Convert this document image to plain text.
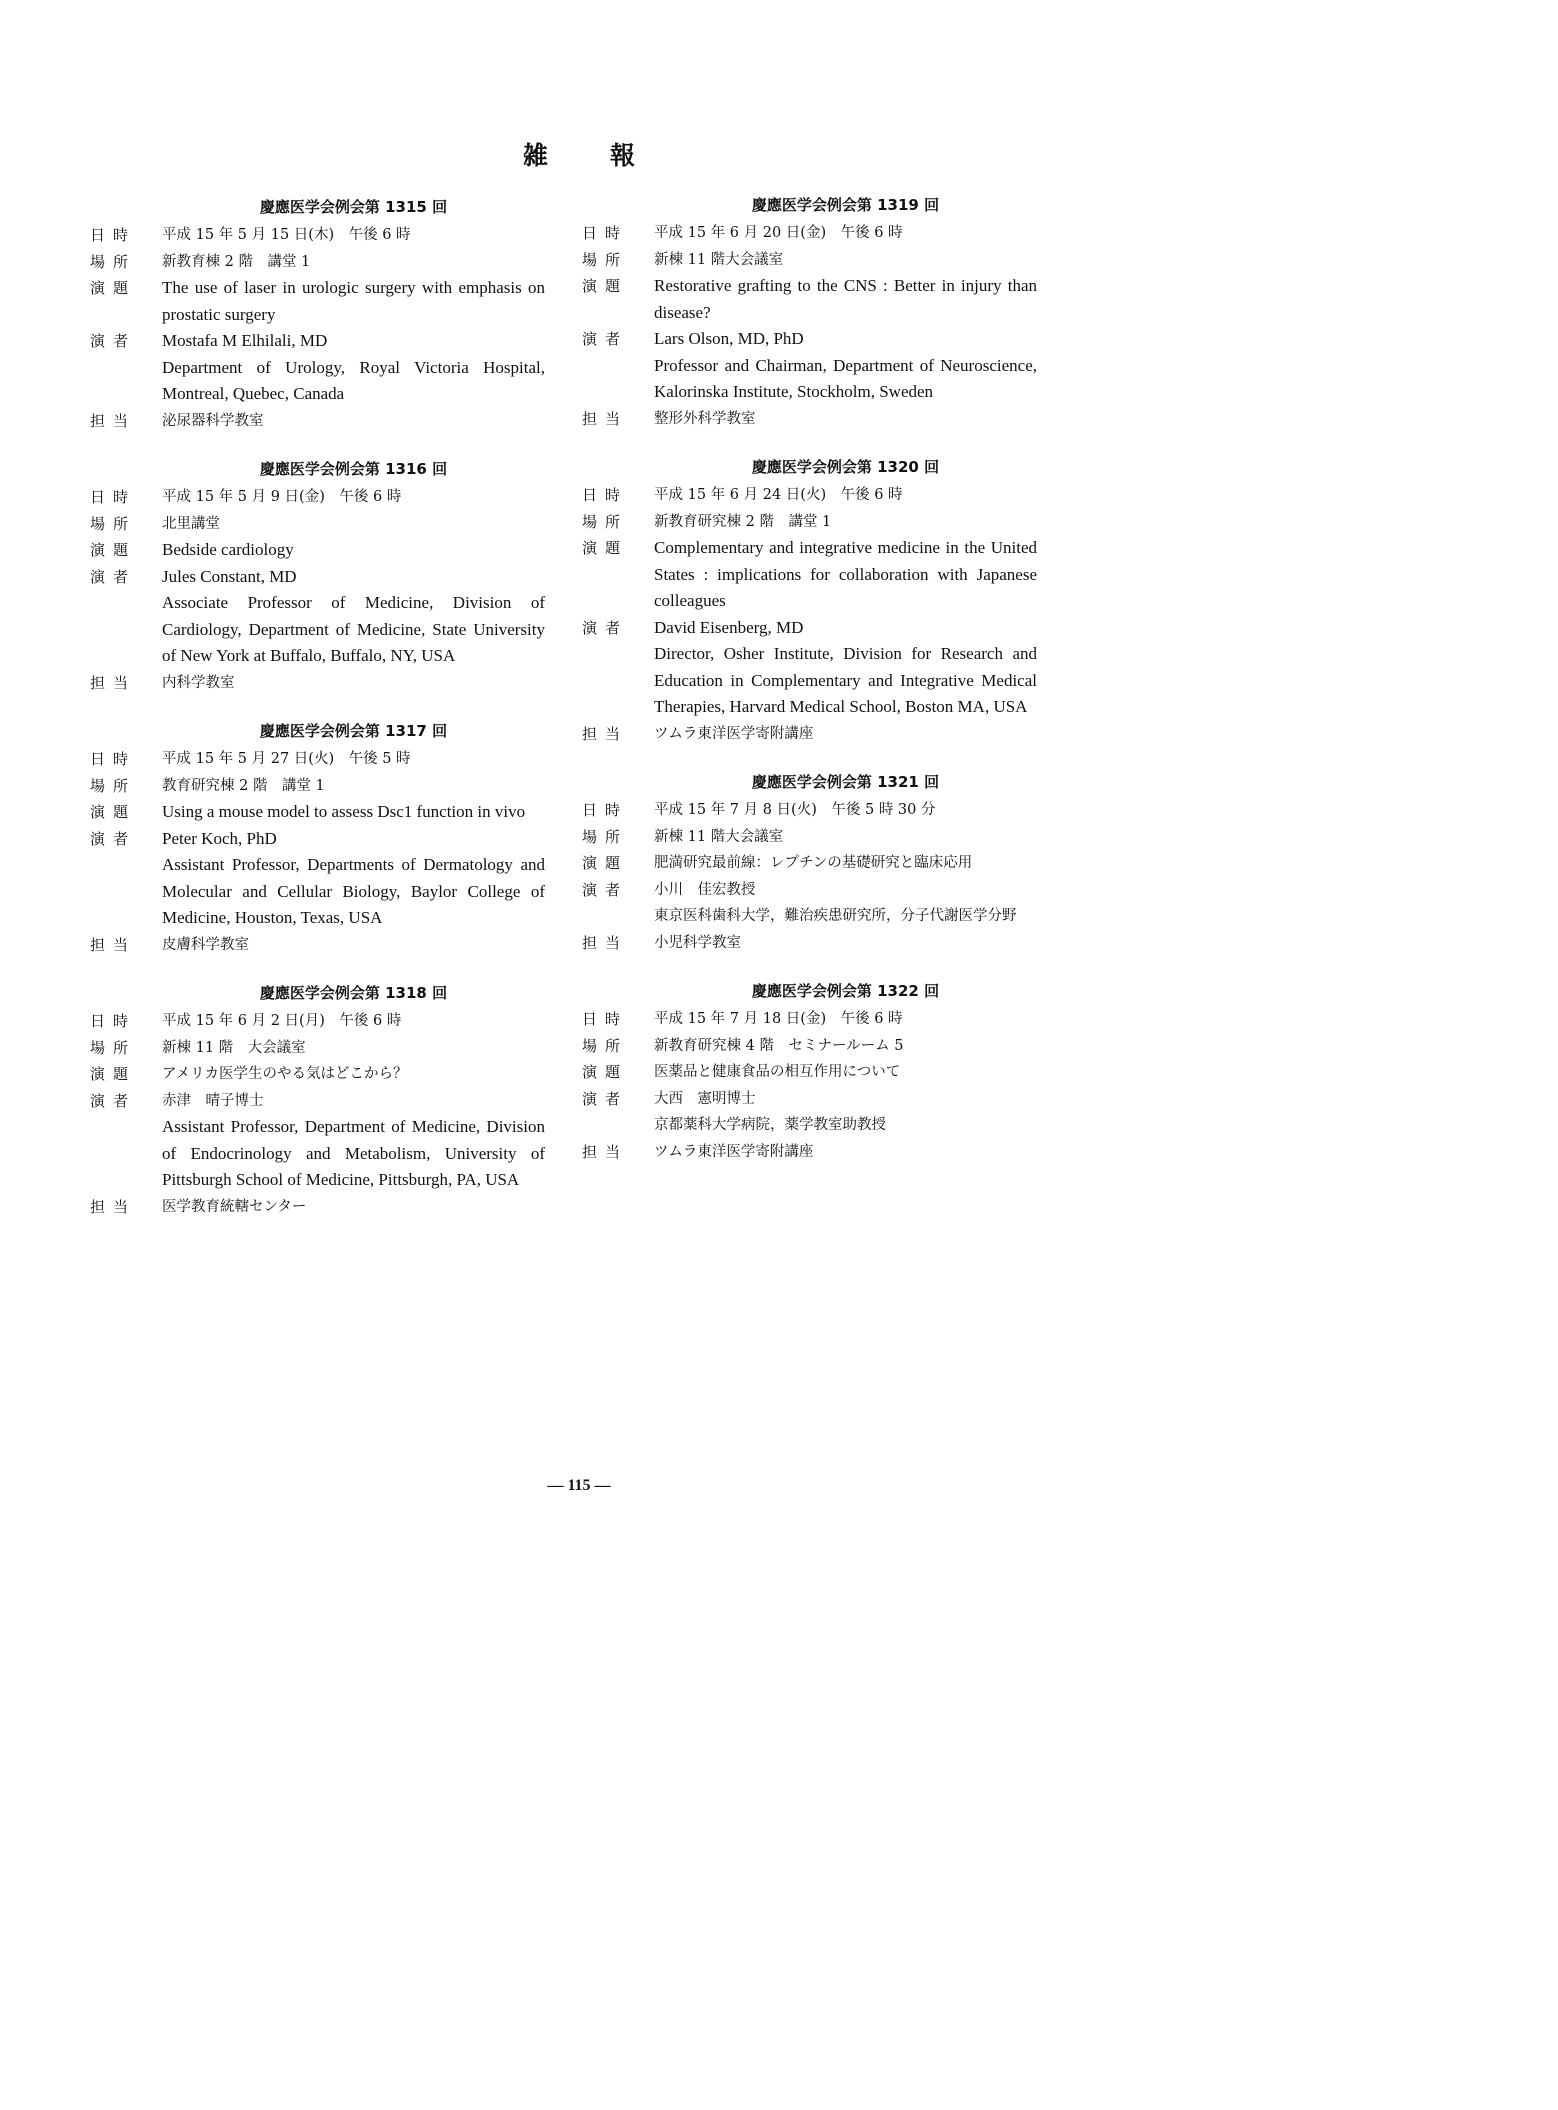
雑報
慶應医学会例会第 1315 回
日時	平成 15 年 5 月 15 日(木)　午後 6 時
場所	新教育棟 2 階　講堂 1
演題	The use of laser in urologic surgery with emphasis on prostatic surgery
演者	Mostafa M Elhilali, MD
Department of Urology, Royal Victoria Hospital, Montreal, Quebec, Canada
担当	泌尿器科学教室
慶應医学会例会第 1316 回
日時	平成 15 年 5 月 9 日(金)　午後 6 時
場所	北里講堂
演題	Bedside cardiology
演者	Jules Constant, MD
Associate Professor of Medicine, Division of Cardiology, Department of Medicine, State University of New York at Buffalo, Buffalo, NY, USA
担当	内科学教室
慶應医学会例会第 1317 回
日時	平成 15 年 5 月 27 日(火)　午後 5 時
場所	教育研究棟 2 階　講堂 1
演題	Using a mouse model to assess Dsc1 function in vivo
演者	Peter Koch, PhD
Assistant Professor, Departments of Dermatology and Molecular and Cellular Biology, Baylor College of Medicine, Houston, Texas, USA
担当	皮膚科学教室
慶應医学会例会第 1318 回
日時	平成 15 年 6 月 2 日(月)　午後 6 時
場所	新棟 11 階　大会議室
演題	アメリカ医学生のやる気はどこから？
演者	赤津　晴子博士
Assistant Professor, Department of Medicine, Division of Endocrinology and Metabolism, University of Pittsburgh School of Medicine, Pittsburgh, PA, USA
担当	医学教育統轄センター
慶應医学会例会第 1319 回
日時	平成 15 年 6 月 20 日(金)　午後 6 時
場所	新棟 11 階大会議室
演題	Restorative grafting to the CNS : Better in injury than disease?
演者	Lars Olson, MD, PhD
Professor and Chairman, Department of Neuroscience, Kalorinska Institute, Stockholm, Sweden
担当	整形外科学教室
慶應医学会例会第 1320 回
日時	平成 15 年 6 月 24 日(火)　午後 6 時
場所	新教育研究棟 2 階　講堂 1
演題	Complementary and integrative medicine in the United States : implications for collaboration with Japanese colleagues
演者	David Eisenberg, MD
Director, Osher Institute, Division for Research and Education in Complementary and Integrative Medical Therapies, Harvard Medical School, Boston MA, USA
担当	ツムラ東洋医学寄附講座
慶應医学会例会第 1321 回
日時	平成 15 年 7 月 8 日(火)　午後 5 時 30 分
場所	新棟 11 階大会議室
演題	肥満研究最前線：レプチンの基礎研究と臨床応用
演者	小川　佳宏教授
東京医科歯科大学，難治疾患研究所，分子代謝医学分野
担当	小児科学教室
慶應医学会例会第 1322 回
日時	平成 15 年 7 月 18 日(金)　午後 6 時
場所	新教育研究棟 4 階　セミナールーム 5
演題	医薬品と健康食品の相互作用について
演者	大西　憲明博士
京都薬科大学病院，薬学教室助教授
担当	ツムラ東洋医学寄附講座
— 115 —
